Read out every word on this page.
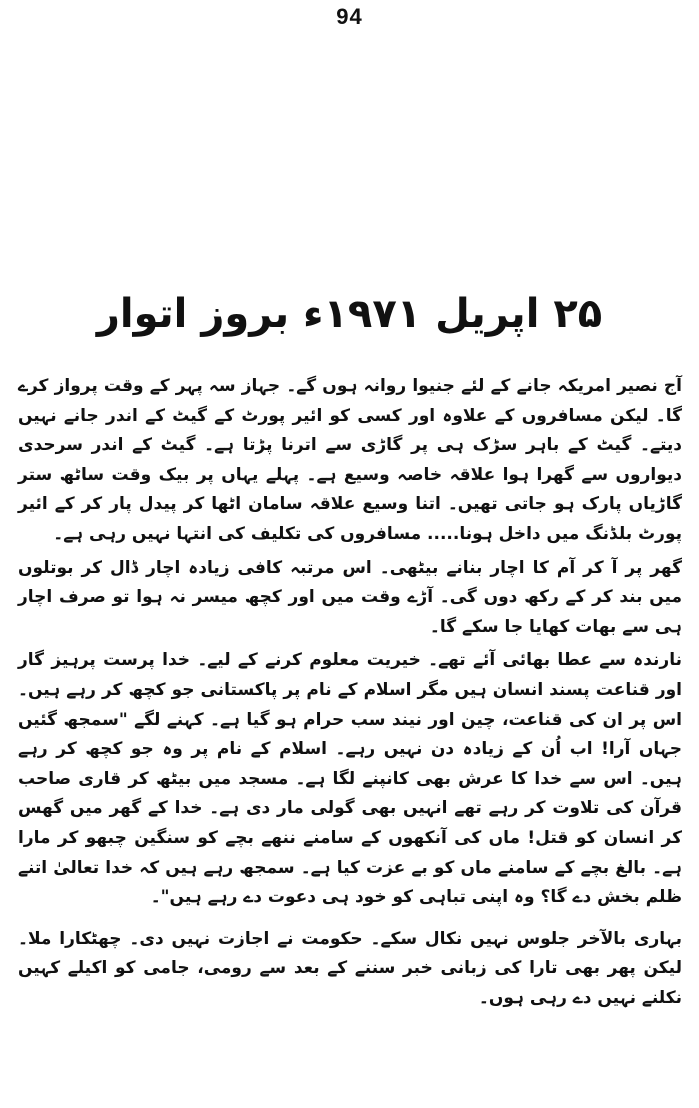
94
۲۵ اپریل ۱۹۷۱ء بروز اتوار

آج نصیر امریکہ جانے کے لئے جنیوا روانہ ہوں گے۔ جہاز سہ پہر کے وقت پرواز کرے گا۔ لیکن مسافروں کے علاوہ اور کسی کو ائیر پورٹ کے گیٹ کے اندر جانے نہیں دیتے۔ گیٹ کے باہر سڑک ہی پر گاڑی سے اترنا پڑتا ہے۔ گیٹ کے اندر سرحدی دیواروں سے گھرا ہوا علاقہ خاصہ وسیع ہے۔ پہلے یہاں پر بیک وقت ساٹھ ستر گاڑیاں پارک ہو جاتی تھیں۔ اتنا وسیع علاقہ سامان اٹھا کر پیدل پار کر کے ائیر پورٹ بلڈنگ میں داخل ہونا..... مسافروں کی تکلیف کی انتہا نہیں رہی ہے۔

گھر پر آ کر آم کا اچار بنانے بیٹھی۔ اس مرتبہ کافی زیادہ اچار ڈال کر بوتلوں میں بند کر کے رکھ دوں گی۔ آڑے وقت میں اور کچھ میسر نہ ہوا تو صرف اچار ہی سے بھات کھایا جا سکے گا۔

نارندہ سے عطا بھائی آئے تھے۔ خیریت معلوم کرنے کے لیے۔ خدا پرست پرہیز گار اور قناعت پسند انسان ہیں مگر اسلام کے نام پر پاکستانی جو کچھ کر رہے ہیں۔ اس پر ان کی قناعت، چین اور نیند سب حرام ہو گیا ہے۔ کہنے لگے "سمجھ گئیں جہاں آرا! اب اُن کے زیادہ دن نہیں رہے۔ اسلام کے نام پر وہ جو کچھ کر رہے ہیں۔ اس سے خدا کا عرش بھی کانپنے لگا ہے۔ مسجد میں بیٹھ کر قاری صاحب قرآن کی تلاوت کر رہے تھے انہیں بھی گولی مار دی ہے۔ خدا کے گھر میں گھس کر انسان کو قتل! ماں کی آنکھوں کے سامنے ننھے بچے کو سنگین چبھو کر مارا ہے۔ بالغ بچے کے سامنے ماں کو بے عزت کیا ہے۔ سمجھ رہے ہیں کہ خدا تعالیٰ اتنے ظلم بخش دے گا؟ وہ اپنی تباہی کو خود ہی دعوت دے رہے ہیں"۔

بہاری بالآخر جلوس نہیں نکال سکے۔ حکومت نے اجازت نہیں دی۔ چھٹکارا ملا۔ لیکن پھر بھی تارا کی زبانی خبر سننے کے بعد سے رومی، جامی کو اکیلے کہیں نکلنے نہیں دے رہی ہوں۔
